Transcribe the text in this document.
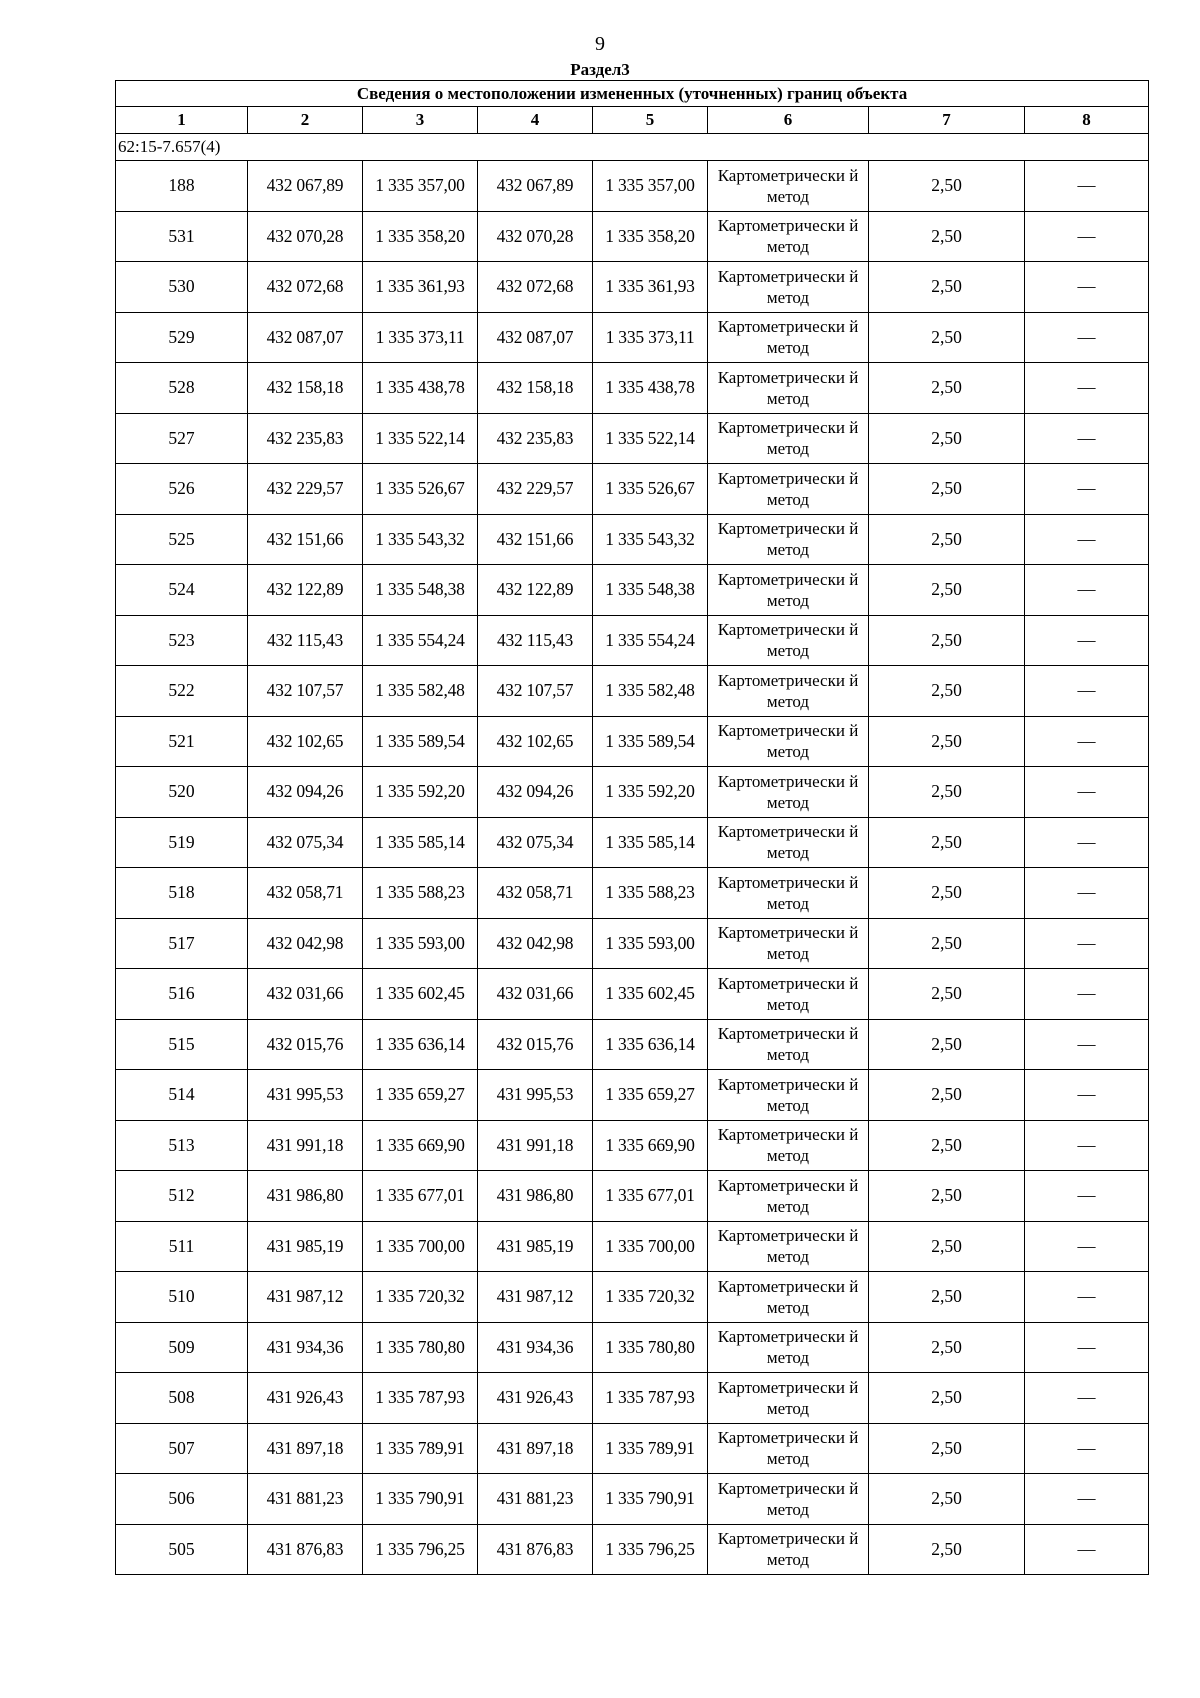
9
Раздел3
Сведения о местоположении измененных (уточненных) границ объекта							
1	2	3	4	5	6	7	8
62:15-7.657(4)							
188	432 067,89	1 335 357,00	432 067,89	1 335 357,00	Картометрически й метод	2,50	—
531	432 070,28	1 335 358,20	432 070,28	1 335 358,20	Картометрически й метод	2,50	—
530	432 072,68	1 335 361,93	432 072,68	1 335 361,93	Картометрически й метод	2,50	—
529	432 087,07	1 335 373,11	432 087,07	1 335 373,11	Картометрически й метод	2,50	—
528	432 158,18	1 335 438,78	432 158,18	1 335 438,78	Картометрически й метод	2,50	—
527	432 235,83	1 335 522,14	432 235,83	1 335 522,14	Картометрически й метод	2,50	—
526	432 229,57	1 335 526,67	432 229,57	1 335 526,67	Картометрически й метод	2,50	—
525	432 151,66	1 335 543,32	432 151,66	1 335 543,32	Картометрически й метод	2,50	—
524	432 122,89	1 335 548,38	432 122,89	1 335 548,38	Картометрически й метод	2,50	—
523	432 115,43	1 335 554,24	432 115,43	1 335 554,24	Картометрически й метод	2,50	—
522	432 107,57	1 335 582,48	432 107,57	1 335 582,48	Картометрически й метод	2,50	—
521	432 102,65	1 335 589,54	432 102,65	1 335 589,54	Картометрически й метод	2,50	—
520	432 094,26	1 335 592,20	432 094,26	1 335 592,20	Картометрически й метод	2,50	—
519	432 075,34	1 335 585,14	432 075,34	1 335 585,14	Картометрически й метод	2,50	—
518	432 058,71	1 335 588,23	432 058,71	1 335 588,23	Картометрически й метод	2,50	—
517	432 042,98	1 335 593,00	432 042,98	1 335 593,00	Картометрически й метод	2,50	—
516	432 031,66	1 335 602,45	432 031,66	1 335 602,45	Картометрически й метод	2,50	—
515	432 015,76	1 335 636,14	432 015,76	1 335 636,14	Картометрически й метод	2,50	—
514	431 995,53	1 335 659,27	431 995,53	1 335 659,27	Картометрически й метод	2,50	—
513	431 991,18	1 335 669,90	431 991,18	1 335 669,90	Картометрически й метод	2,50	—
512	431 986,80	1 335 677,01	431 986,80	1 335 677,01	Картометрически й метод	2,50	—
511	431 985,19	1 335 700,00	431 985,19	1 335 700,00	Картометрически й метод	2,50	—
510	431 987,12	1 335 720,32	431 987,12	1 335 720,32	Картометрически й метод	2,50	—
509	431 934,36	1 335 780,80	431 934,36	1 335 780,80	Картометрически й метод	2,50	—
508	431 926,43	1 335 787,93	431 926,43	1 335 787,93	Картометрически й метод	2,50	—
507	431 897,18	1 335 789,91	431 897,18	1 335 789,91	Картометрически й метод	2,50	—
506	431 881,23	1 335 790,91	431 881,23	1 335 790,91	Картометрически й метод	2,50	—
505	431 876,83	1 335 796,25	431 876,83	1 335 796,25	Картометрически й метод	2,50	—
